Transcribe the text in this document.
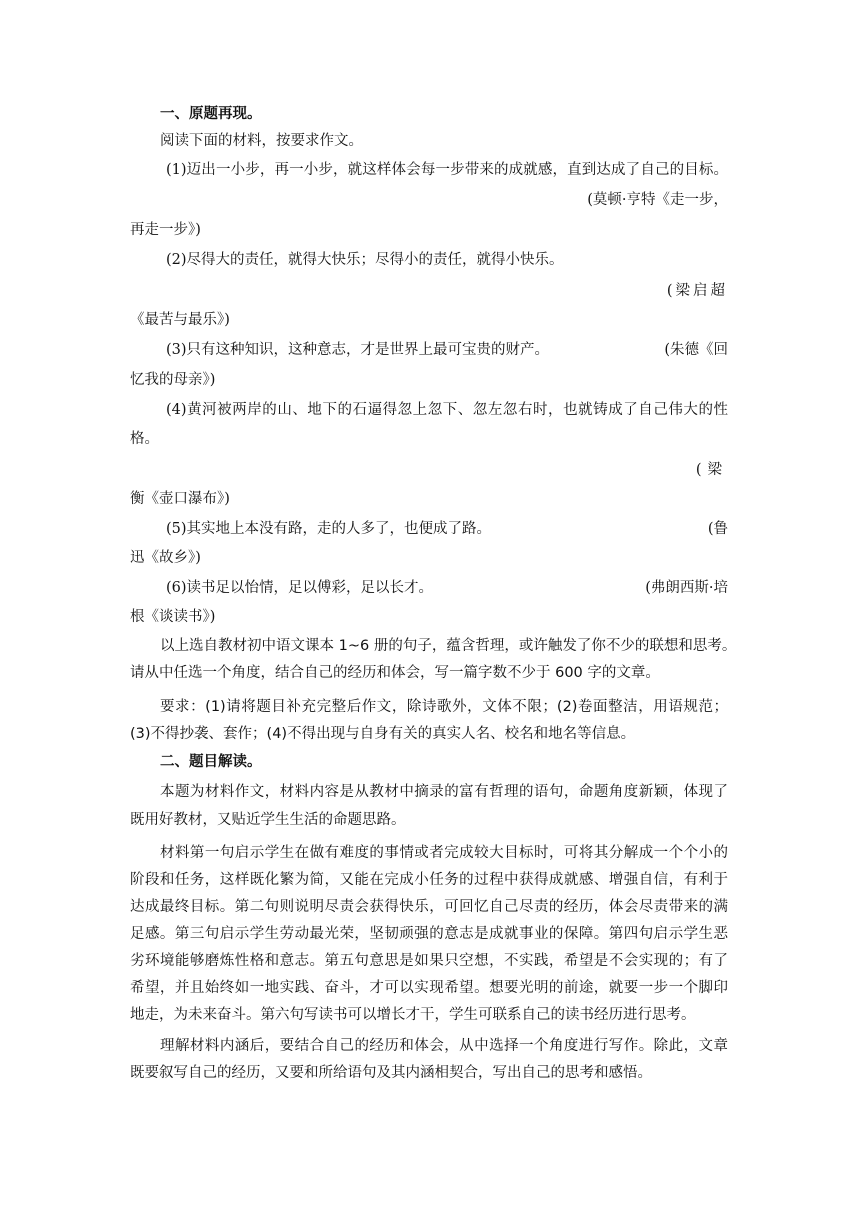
一、原题再现。
阅读下面的材料，按要求作文。
(1)迈出一小步，再一小步，就这样体会每一步带来的成就感，直到达成了自己的目标。
(莫顿·亨特《走一步，
再走一步》)
(2)尽得大的责任，就得大快乐；尽得小的责任，就得小快乐。
(梁启超
《最苦与最乐》)
(3)只有这种知识，这种意志，才是世界上最可宝贵的财产。	(朱德《回
忆我的母亲》)
(4)黄河被两岸的山、地下的石逼得忽上忽下、忽左忽右时，也就铸成了自己伟大的性
格。
(梁
衡《壶口瀑布》)
(5)其实地上本没有路，走的人多了，也便成了路。	(鲁
迅《故乡》)
(6)读书足以怡情，足以傅彩，足以长才。	(弗朗西斯·培
根《谈读书》)
以上选自教材初中语文课本 1~6 册的句子，蕴含哲理，或许触发了你不少的联想和思考。
请从中任选一个角度，结合自己的经历和体会，写一篇字数不少于 600 字的文章。
要求：(1)请将题目补充完整后作文，除诗歌外，文体不限；(2)卷面整洁，用语规范；
(3)不得抄袭、套作；(4)不得出现与自身有关的真实人名、校名和地名等信息。
二、题目解读。
本题为材料作文，材料内容是从教材中摘录的富有哲理的语句，命题角度新颖，体现了
既用好教材，又贴近学生生活的命题思路。
材料第一句启示学生在做有难度的事情或者完成较大目标时，可将其分解成一个个小的
阶段和任务，这样既化繁为简，又能在完成小任务的过程中获得成就感、增强自信，有利于
达成最终目标。第二句则说明尽责会获得快乐，可回忆自己尽责的经历，体会尽责带来的满
足感。第三句启示学生劳动最光荣，坚韧顽强的意志是成就事业的保障。第四句启示学生恶
劣环境能够磨炼性格和意志。第五句意思是如果只空想，不实践，希望是不会实现的；有了
希望，并且始终如一地实践、奋斗，才可以实现希望。想要光明的前途，就要一步一个脚印
地走，为未来奋斗。第六句写读书可以增长才干，学生可联系自己的读书经历进行思考。
理解材料内涵后，要结合自己的经历和体会，从中选择一个角度进行写作。除此，文章
既要叙写自己的经历，又要和所给语句及其内涵相契合，写出自己的思考和感悟。
